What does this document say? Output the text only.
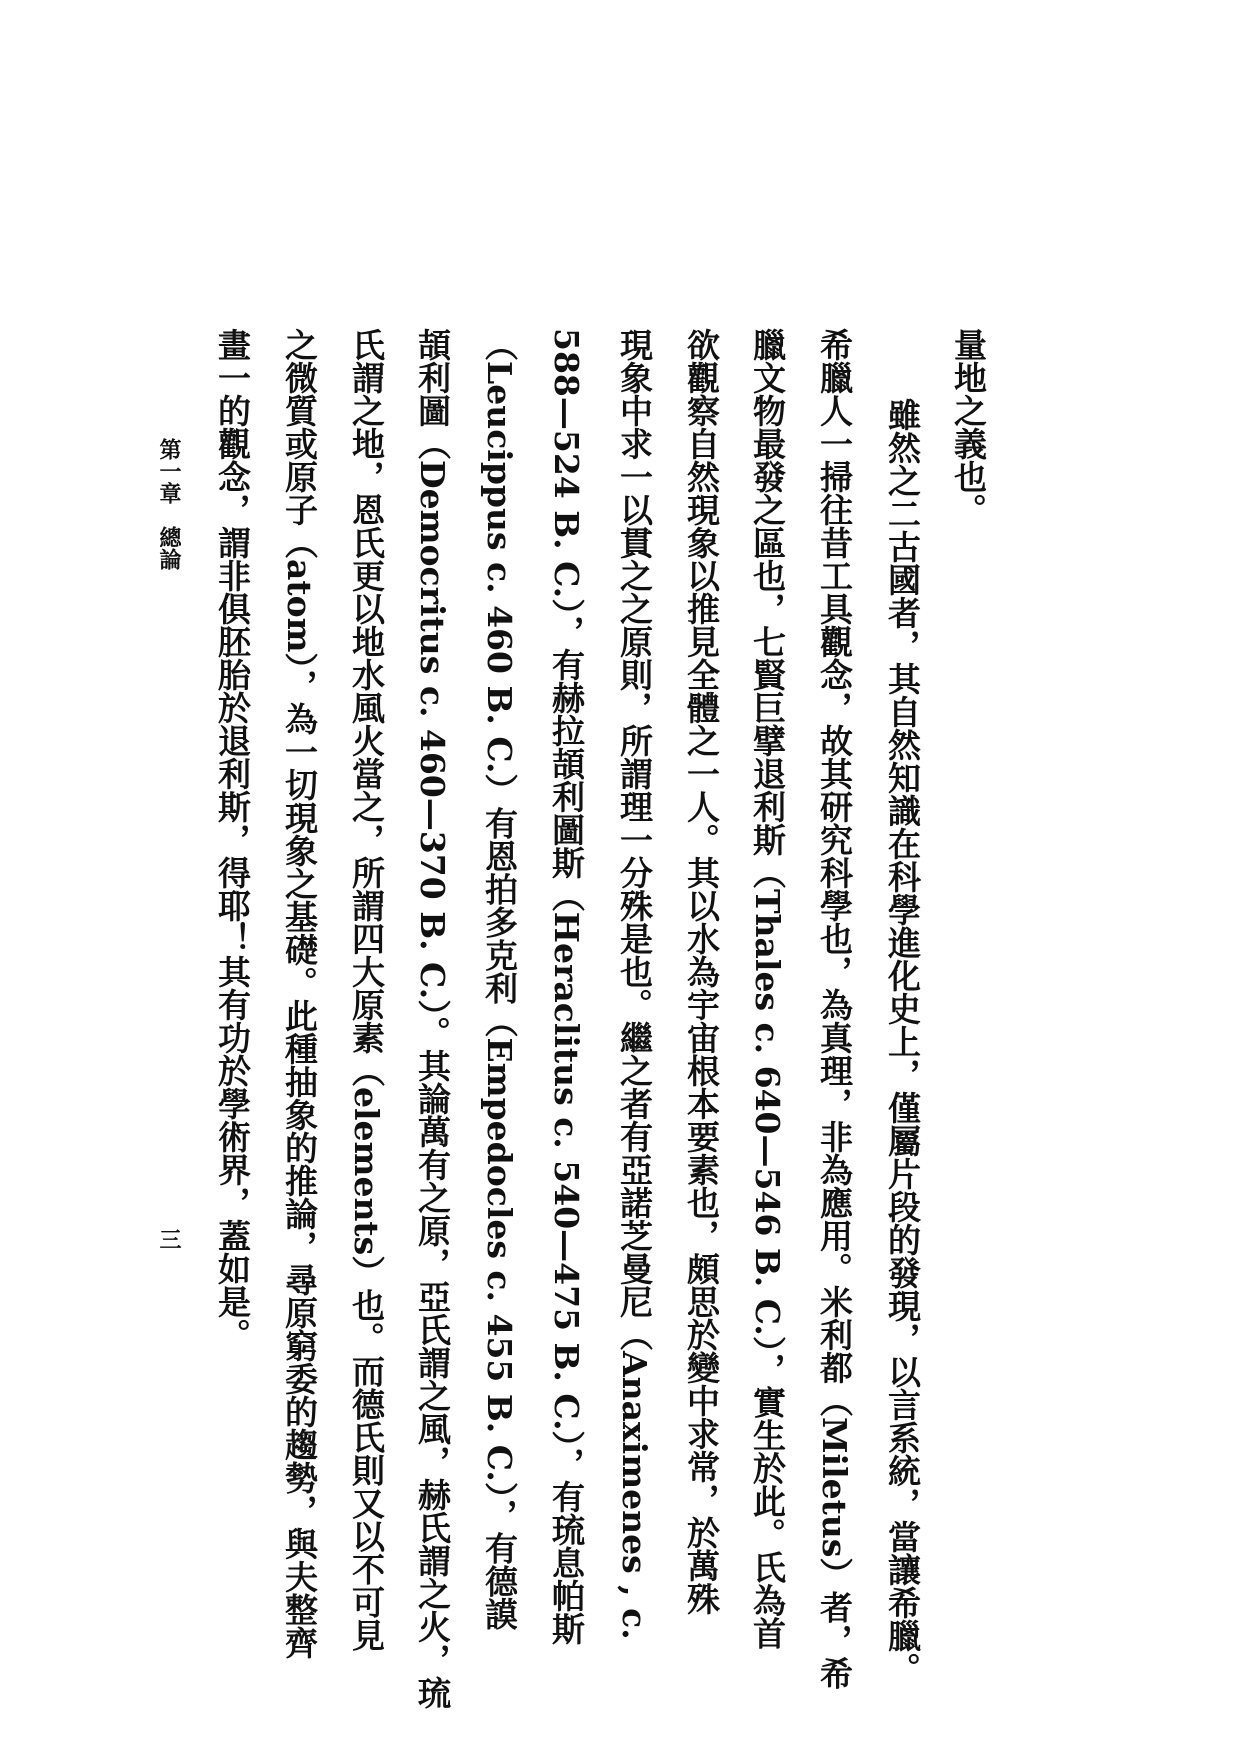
量地之義也。
雖然之二古國者，其自然知識在科學進化史上，僅屬片段的發現，以言系統，當讓希臘。
希臘人一掃往昔工具觀念，故其研究科學也，為真理，非為應用。米利都（Miletus）者，希
臘文物最發之區也，七賢巨擘退利斯（Thales c. 640—546 B. C.），實生於此。氏為首
欲觀察自然現象以推見全體之一人。其以水為宇宙根本要素也，頗思於變中求常，於萬殊
現象中求一以貫之之原則，所謂理一分殊是也。繼之者有亞諾芝曼尼（Anaximenes , c.
588—524 B. C.），有赫拉頡利圖斯（Heraclitus c. 540—475 B. C.），有琉息帕斯
（Leucippus c. 460 B. C.）有恩拍多克利（Empedocles c. 455 B. C.），有德謨
頡利圖（Democritus c. 460—370 B. C.）。其論萬有之原，亞氏謂之風，赫氏謂之火，琉
氏謂之地，恩氏更以地水風火當之，所謂四大原素（elements）也。而德氏則又以不可見
之微質或原子（atom），為一切現象之基礎。此種抽象的推論，尋原窮委的趨勢，與夫整齊
畫一的觀念，謂非俱胚胎於退利斯，得耶！其有功於學術界，蓋如是。
第一章　總論
三
